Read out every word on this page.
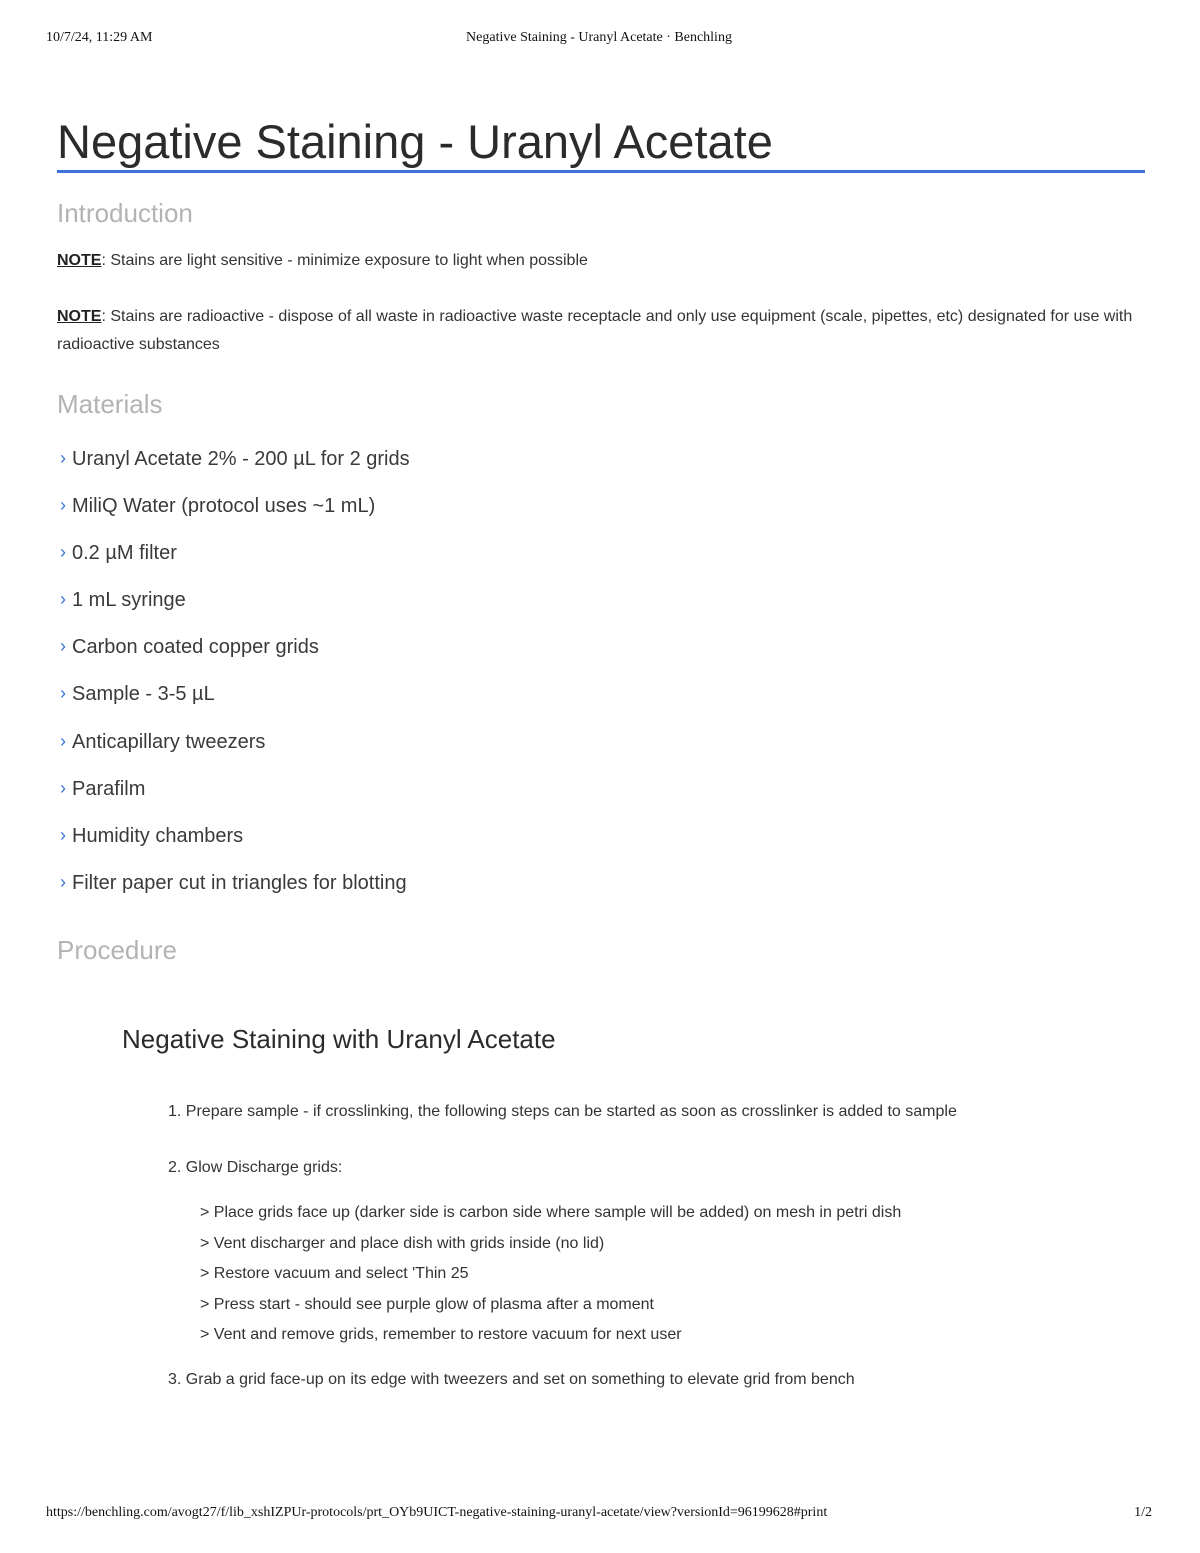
10/7/24, 11:29 AM	Negative Staining - Uranyl Acetate · Benchling
Negative Staining - Uranyl Acetate
Introduction

NOTE: Stains are light sensitive - minimize exposure to light when possible

NOTE: Stains are radioactive - dispose of all waste in radioactive waste receptacle and only use equipment (scale, pipettes, etc) designated for use with radioactive substances

Materials
› Uranyl Acetate 2% - 200 µL for 2 grids
› MiliQ Water (protocol uses ~1 mL)
› 0.2 µM filter
› 1 mL syringe
› Carbon coated copper grids
› Sample - 3-5 µL
› Anticapillary tweezers
› Parafilm
› Humidity chambers
› Filter paper cut in triangles for blotting
Procedure
Negative Staining with Uranyl Acetate

1. Prepare sample - if crosslinking, the following steps can be started as soon as crosslinker is added to sample

2. Glow Discharge grids:

> Place grids face up (darker side is carbon side where sample will be added) on mesh in petri dish
> Vent discharger and place dish with grids inside (no lid)
> Restore vacuum and select 'Thin 25
> Press start - should see purple glow of plasma after a moment
> Vent and remove grids, remember to restore vacuum for next user

3. Grab a grid face-up on its edge with tweezers and set on something to elevate grid from bench

https://benchling.com/avogt27/f/lib_xshIZPUr-protocols/prt_OYb9UICT-negative-staining-uranyl-acetate/view?versionId=96199628#print	1/2
